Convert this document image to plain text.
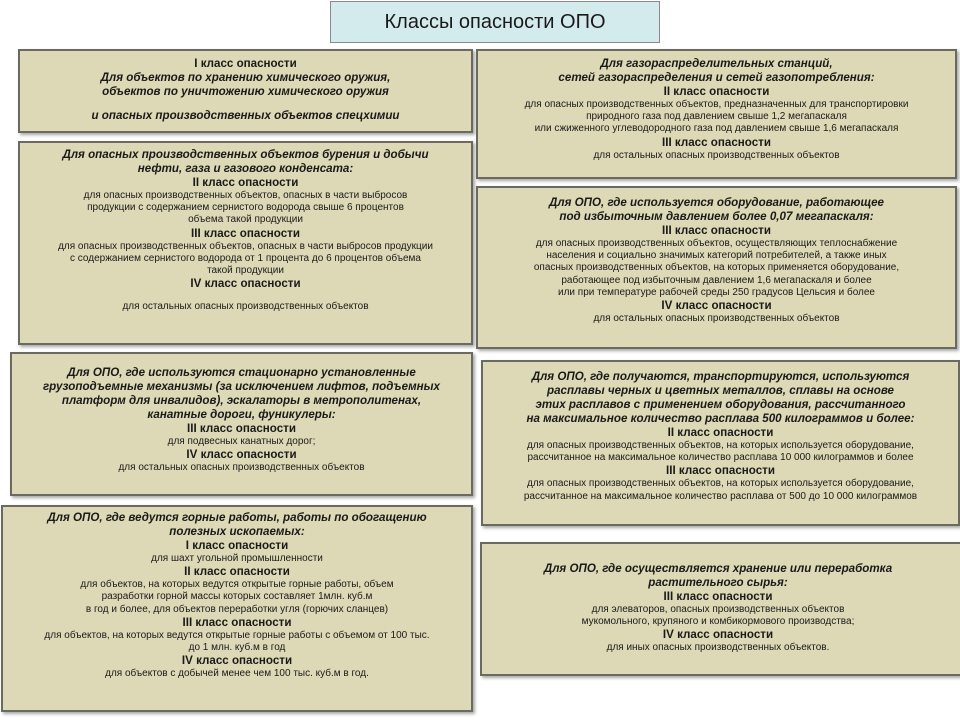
Классы опасности ОПО

I класс опасности

Для объектов по хранению химического оружия,

объектов по уничтожению химического оружия

и опасных производственных объектов спецхимии

Для опасных производственных объектов бурения и добычи

нефти, газа и газового конденсата:

II класс опасности

для опасных производственных объектов, опасных в части выбросов

продукции с содержанием сернистого водорода свыше 6 процентов

объема такой продукции

III класс опасности

для опасных производственных объектов, опасных в части выбросов продукции

с содержанием сернистого водорода от 1 процента до 6 процентов объема

такой продукции

IV класс опасности

для остальных опасных производственных объектов

Для ОПО, где используются стационарно установленные

грузоподъемные механизмы (за исключением лифтов, подъемных

платформ для инвалидов), эскалаторы в метрополитенах,

канатные дороги, фуникулеры:

III класс опасности

для подвесных канатных дорог;

IV класс опасности

для остальных опасных производственных объектов

Для ОПО, где ведутся горные работы, работы по обогащению

полезных ископаемых:

I класс опасности

для шахт угольной промышленности

II класс опасности

для объектов, на которых ведутся открытые горные работы, объем

разработки горной массы которых составляет 1млн. куб.м

в год и более, для объектов переработки угля (горючих сланцев)

III класс опасности

для объектов, на которых ведутся открытые горные работы с объемом от 100 тыс.

до 1 млн. куб.м в год

IV класс опасности

для объектов с добычей менее чем 100 тыс. куб.м в год.

Для газораспределительных станций,

сетей газораспределения и сетей газопотребления:

II класс опасности

для опасных производственных объектов, предназначенных для транспортировки

природного газа под давлением свыше 1,2 мегапаскаля

или сжиженного углеводородного газа под давлением свыше 1,6 мегапаскаля

III класс опасности

для остальных опасных производственных объектов

Для ОПО, где используется оборудование, работающее

под избыточным давлением более 0,07 мегапаскаля:

III класс опасности

для опасных производственных объектов, осуществляющих теплоснабжение

населения и социально значимых категорий потребителей, а также иных

опасных производственных объектов, на которых применяется оборудование,

работающее под избыточным давлением 1,6 мегапаскаля и более

или при температуре рабочей среды 250 градусов Цельсия и более

IV класс опасности

для остальных опасных производственных объектов

Для ОПО, где получаются, транспортируются, используются

расплавы черных и цветных металлов, сплавы на основе

этих расплавов с применением оборудования, рассчитанного

на максимальное количество расплава 500 килограммов и более:

II класс опасности

для опасных производственных объектов, на которых используется оборудование,

рассчитанное на максимальное количество расплава 10 000 килограммов и более

III класс опасности

для опасных производственных объектов, на которых используется оборудование,

рассчитанное на максимальное количество расплава от 500 до 10 000 килограммов

Для ОПО, где осуществляется хранение или переработка

растительного сырья:

III класс опасности

для элеваторов, опасных производственных объектов

мукомольного, крупяного и комбикормового производства;

IV класс опасности

для иных опасных производственных объектов.
